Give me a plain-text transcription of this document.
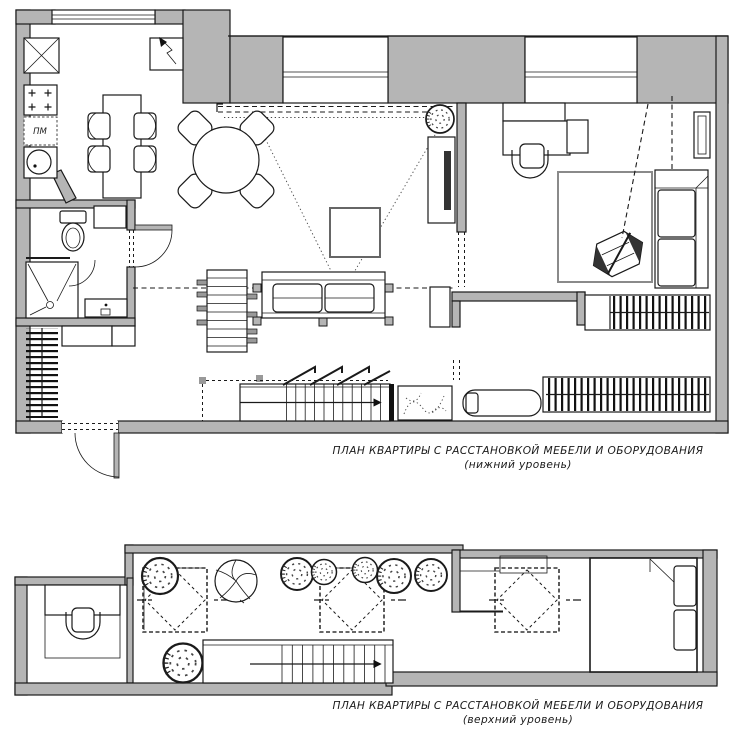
ПМ
ПЛАН КВАРТИРЫ С РАССТАНОВКОЙ МЕБЕЛИ И ОБОРУДОВАНИЯ
(нижний уровень)
ПЛАН КВАРТИРЫ С РАССТАНОВКОЙ МЕБЕЛИ И ОБОРУДОВАНИЯ
(верхний уровень)
